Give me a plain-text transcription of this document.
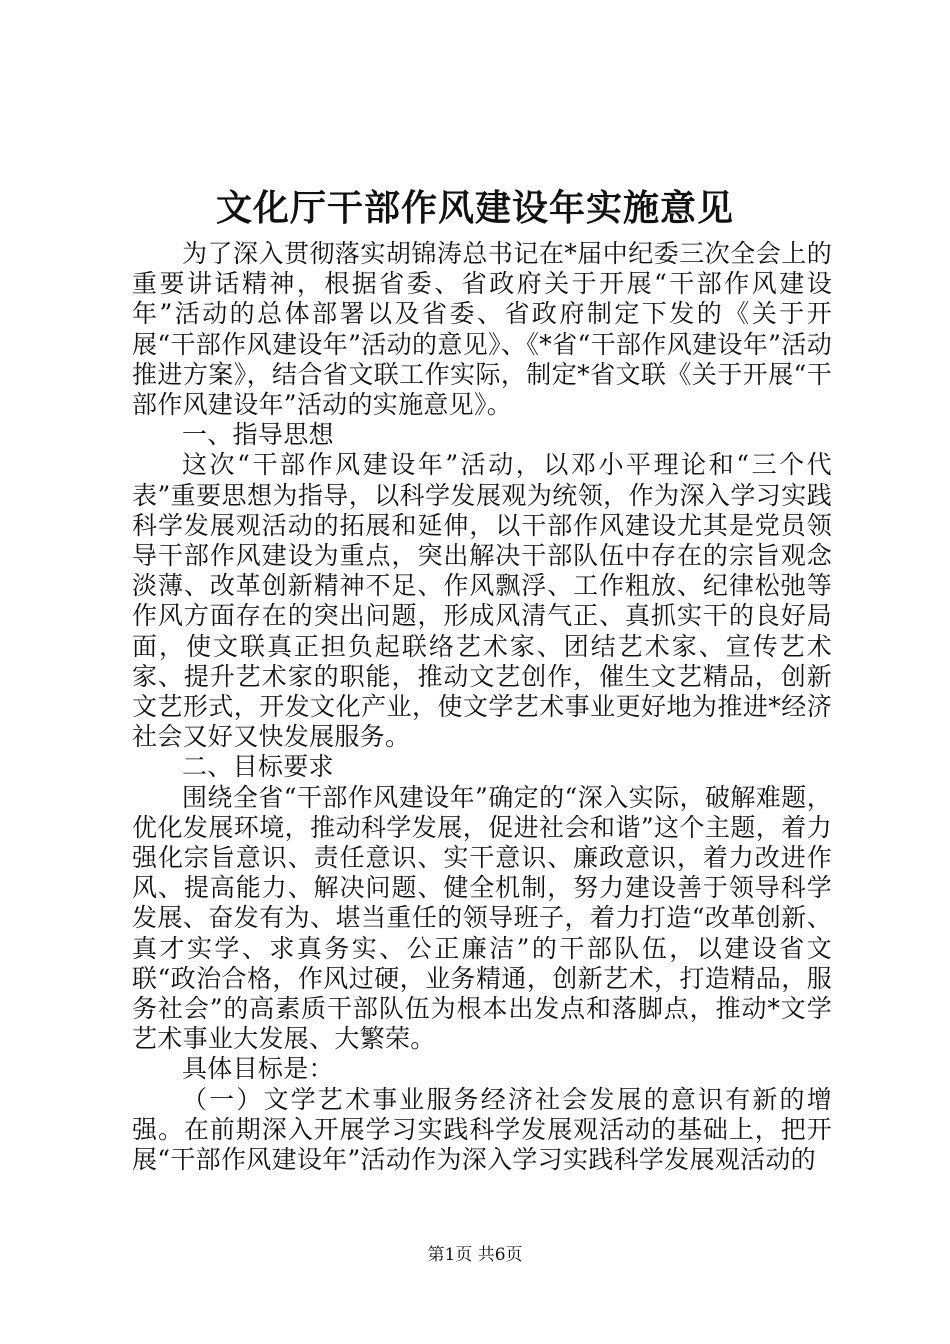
文化厅干部作风建设年实施意见

为了深入贯彻落实胡锦涛总书记在*届中纪委三次全会上的重要讲话精神，根据省委、省政府关于开展“干部作风建设年”活动的总体部署以及省委、省政府制定下发的《关于开展“干部作风建设年”活动的意见》、《*省“干部作风建设年”活动推进方案》，结合省文联工作实际，制定*省文联《关于开展“干部作风建设年”活动的实施意见》。

一、指导思想

这次“干部作风建设年”活动，以邓小平理论和“三个代表”重要思想为指导，以科学发展观为统领，作为深入学习实践科学发展观活动的拓展和延伸，以干部作风建设尤其是党员领导干部作风建设为重点，突出解决干部队伍中存在的宗旨观念淡薄、改革创新精神不足、作风飘浮、工作粗放、纪律松弛等作风方面存在的突出问题，形成风清气正、真抓实干的良好局面，使文联真正担负起联络艺术家、团结艺术家、宣传艺术家、提升艺术家的职能，推动文艺创作，催生文艺精品，创新文艺形式，开发文化产业，使文学艺术事业更好地为推进*经济社会又好又快发展服务。

二、目标要求

围绕全省“干部作风建设年”确定的“深入实际，破解难题，优化发展环境，推动科学发展，促进社会和谐”这个主题，着力强化宗旨意识、责任意识、实干意识、廉政意识，着力改进作风、提高能力、解决问题、健全机制，努力建设善于领导科学发展、奋发有为、堪当重任的领导班子，着力打造“改革创新、真才实学、求真务实、公正廉洁”的干部队伍，以建设省文联“政治合格，作风过硬，业务精通，创新艺术，打造精品，服务社会”的高素质干部队伍为根本出发点和落脚点，推动*文学艺术事业大发展、大繁荣。

具体目标是：

（一）文学艺术事业服务经济社会发展的意识有新的增强。在前期深入开展学习实践科学发展观活动的基础上，把开展“干部作风建设年”活动作为深入学习实践科学发展观活动的

第1页 共6页
